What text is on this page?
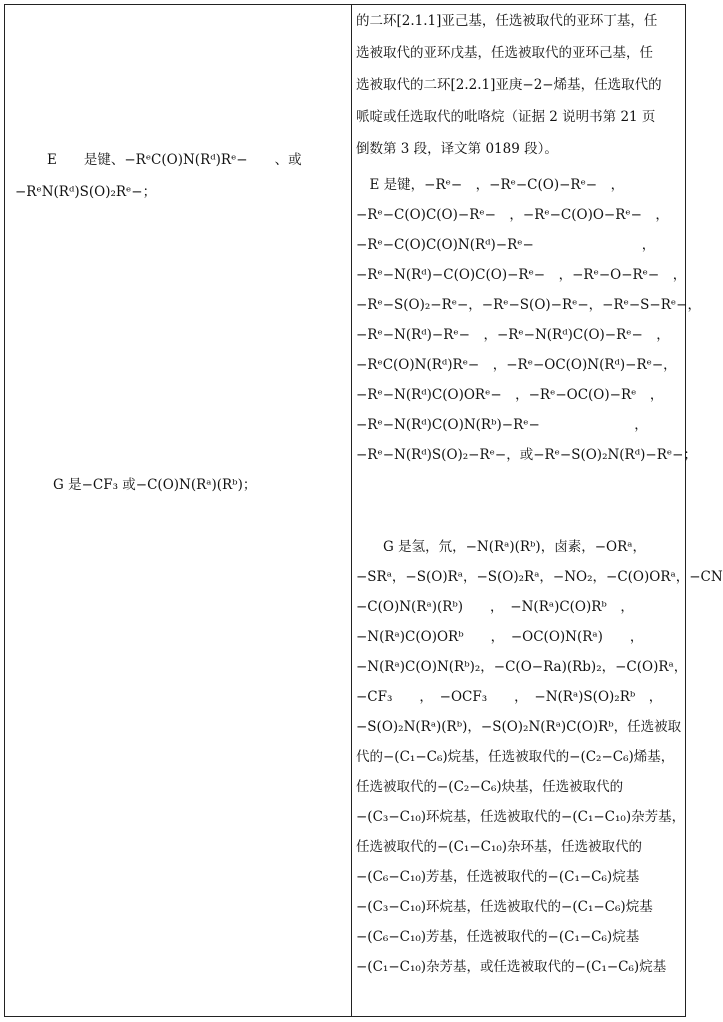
E　　是键、−RᵉC(O)N(Rᵈ)Rᵉ−　　、或
−RᵉN(Rᵈ)S(O)₂Rᵉ−；
G 是−CF₃ 或−C(O)N(Rᵃ)(Rᵇ)；
的二环[2.1.1]亚己基，任选被取代的亚环丁基，任
选被取代的亚环戊基，任选被取代的亚环己基，任
选被取代的二环[2.2.1]亚庚−2−烯基，任选取代的
哌啶或任选取代的吡咯烷（证据 2 说明书第 21 页
倒数第 3 段，译文第 0189 段）。
　E 是键，−Rᵉ−　，−Rᵉ−C(O)−Rᵉ−　，
−Rᵉ−C(O)C(O)−Rᵉ−　，−Rᵉ−C(O)O−Rᵉ−　，
−Rᵉ−C(O)C(O)N(Rᵈ)−Rᵉ−　　　　　　　　，
−Rᵉ−N(Rᵈ)−C(O)C(O)−Rᵉ−　，−Rᵉ−O−Rᵉ−　，
−Rᵉ−S(O)₂−Rᵉ−，−Rᵉ−S(O)−Rᵉ−，−Rᵉ−S−Rᵉ−，
−Rᵉ−N(Rᵈ)−Rᵉ−　，−Rᵉ−N(Rᵈ)C(O)−Rᵉ−　，
−RᵉC(O)N(Rᵈ)Rᵉ−　，−Rᵉ−OC(O)N(Rᵈ)−Rᵉ−，
−Rᵉ−N(Rᵈ)C(O)ORᵉ−　，−Rᵉ−OC(O)−Rᵉ　，
−Rᵉ−N(Rᵈ)C(O)N(Rᵇ)−Rᵉ−　　　　　　　，
−Rᵉ−N(Rᵈ)S(O)₂−Rᵉ−，或−Rᵉ−S(O)₂N(Rᵈ)−Rᵉ−；
　　G 是氢，氘，−N(Rᵃ)(Rᵇ)，卤素，−ORᵃ，
−SRᵃ，−S(O)Rᵃ，−S(O)₂Rᵃ，−NO₂，−C(O)ORᵃ，−CN
−C(O)N(Rᵃ)(Rᵇ)　　，　−N(Rᵃ)C(O)Rᵇ　，
−N(Rᵃ)C(O)ORᵇ　　，　−OC(O)N(Rᵃ)　　，
−N(Rᵃ)C(O)N(Rᵇ)₂，−C(O−Ra)(Rb)₂，−C(O)Rᵃ，
−CF₃　　，　−OCF₃　　，　−N(Rᵃ)S(O)₂Rᵇ　，
−S(O)₂N(Rᵃ)(Rᵇ)，−S(O)₂N(Rᵃ)C(O)Rᵇ，任选被取
代的−(C₁−C₆)烷基，任选被取代的−(C₂−C₆)烯基，
任选被取代的−(C₂−C₆)炔基，任选被取代的
−(C₃−C₁₀)环烷基，任选被取代的−(C₁−C₁₀)杂芳基，
任选被取代的−(C₁−C₁₀)杂环基，任选被取代的
−(C₆−C₁₀)芳基，任选被取代的−(C₁−C₆)烷基
−(C₃−C₁₀)环烷基，任选被取代的−(C₁−C₆)烷基
−(C₆−C₁₀)芳基，任选被取代的−(C₁−C₆)烷基
−(C₁−C₁₀)杂芳基，或任选被取代的−(C₁−C₆)烷基
